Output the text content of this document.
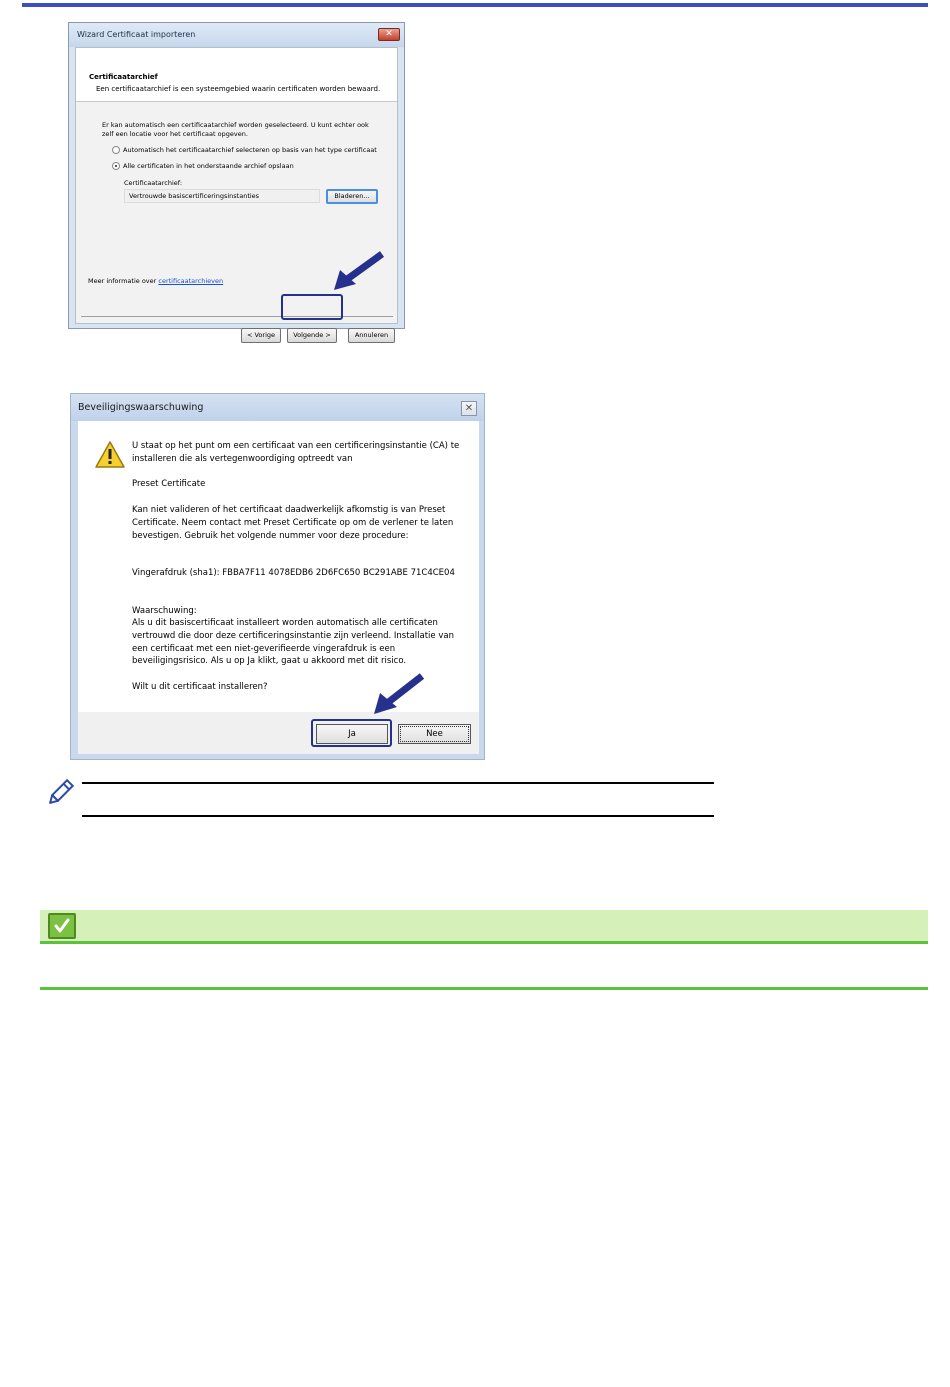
Wizard Certificaat importeren	✕
Certificaatarchief
Een certificaatarchief is een systeemgebied waarin certificaten worden bewaard.
Er kan automatisch een certificaatarchief worden geselecteerd. U kunt echter ook zelf een locatie voor het certificaat opgeven.
Automatisch het certificaatarchief selecteren op basis van het type certificaat
Alle certificaten in het onderstaande archief opslaan
Certificaatarchief:
Vertrouwde basiscertificeringsinstanties	Bladeren...
Meer informatie over certificaatarchieven
< Vorige	Volgende >	Annuleren
Beveiligingswaarschuwing	✕
U staat op het punt om een certificaat van een certificeringsinstantie (CA) te installeren die als vertegenwoordiging optreedt van
Preset Certificate
Kan niet valideren of het certificaat daadwerkelijk afkomstig is van Preset Certificate. Neem contact met Preset Certificate op om de verlener te laten bevestigen. Gebruik het volgende nummer voor deze procedure:
Vingerafdruk (sha1): FBBA7F11 4078EDB6 2D6FC650 BC291ABE 71C4CE04
Waarschuwing:
Als u dit basiscertificaat installeert worden automatisch alle certificaten vertrouwd die door deze certificeringsinstantie zijn verleend. Installatie van een certificaat met een niet-geverifieerde vingerafdruk is een beveiligingsrisico. Als u op Ja klikt, gaat u akkoord met dit risico.
Wilt u dit certificaat installeren?
Ja	Nee
